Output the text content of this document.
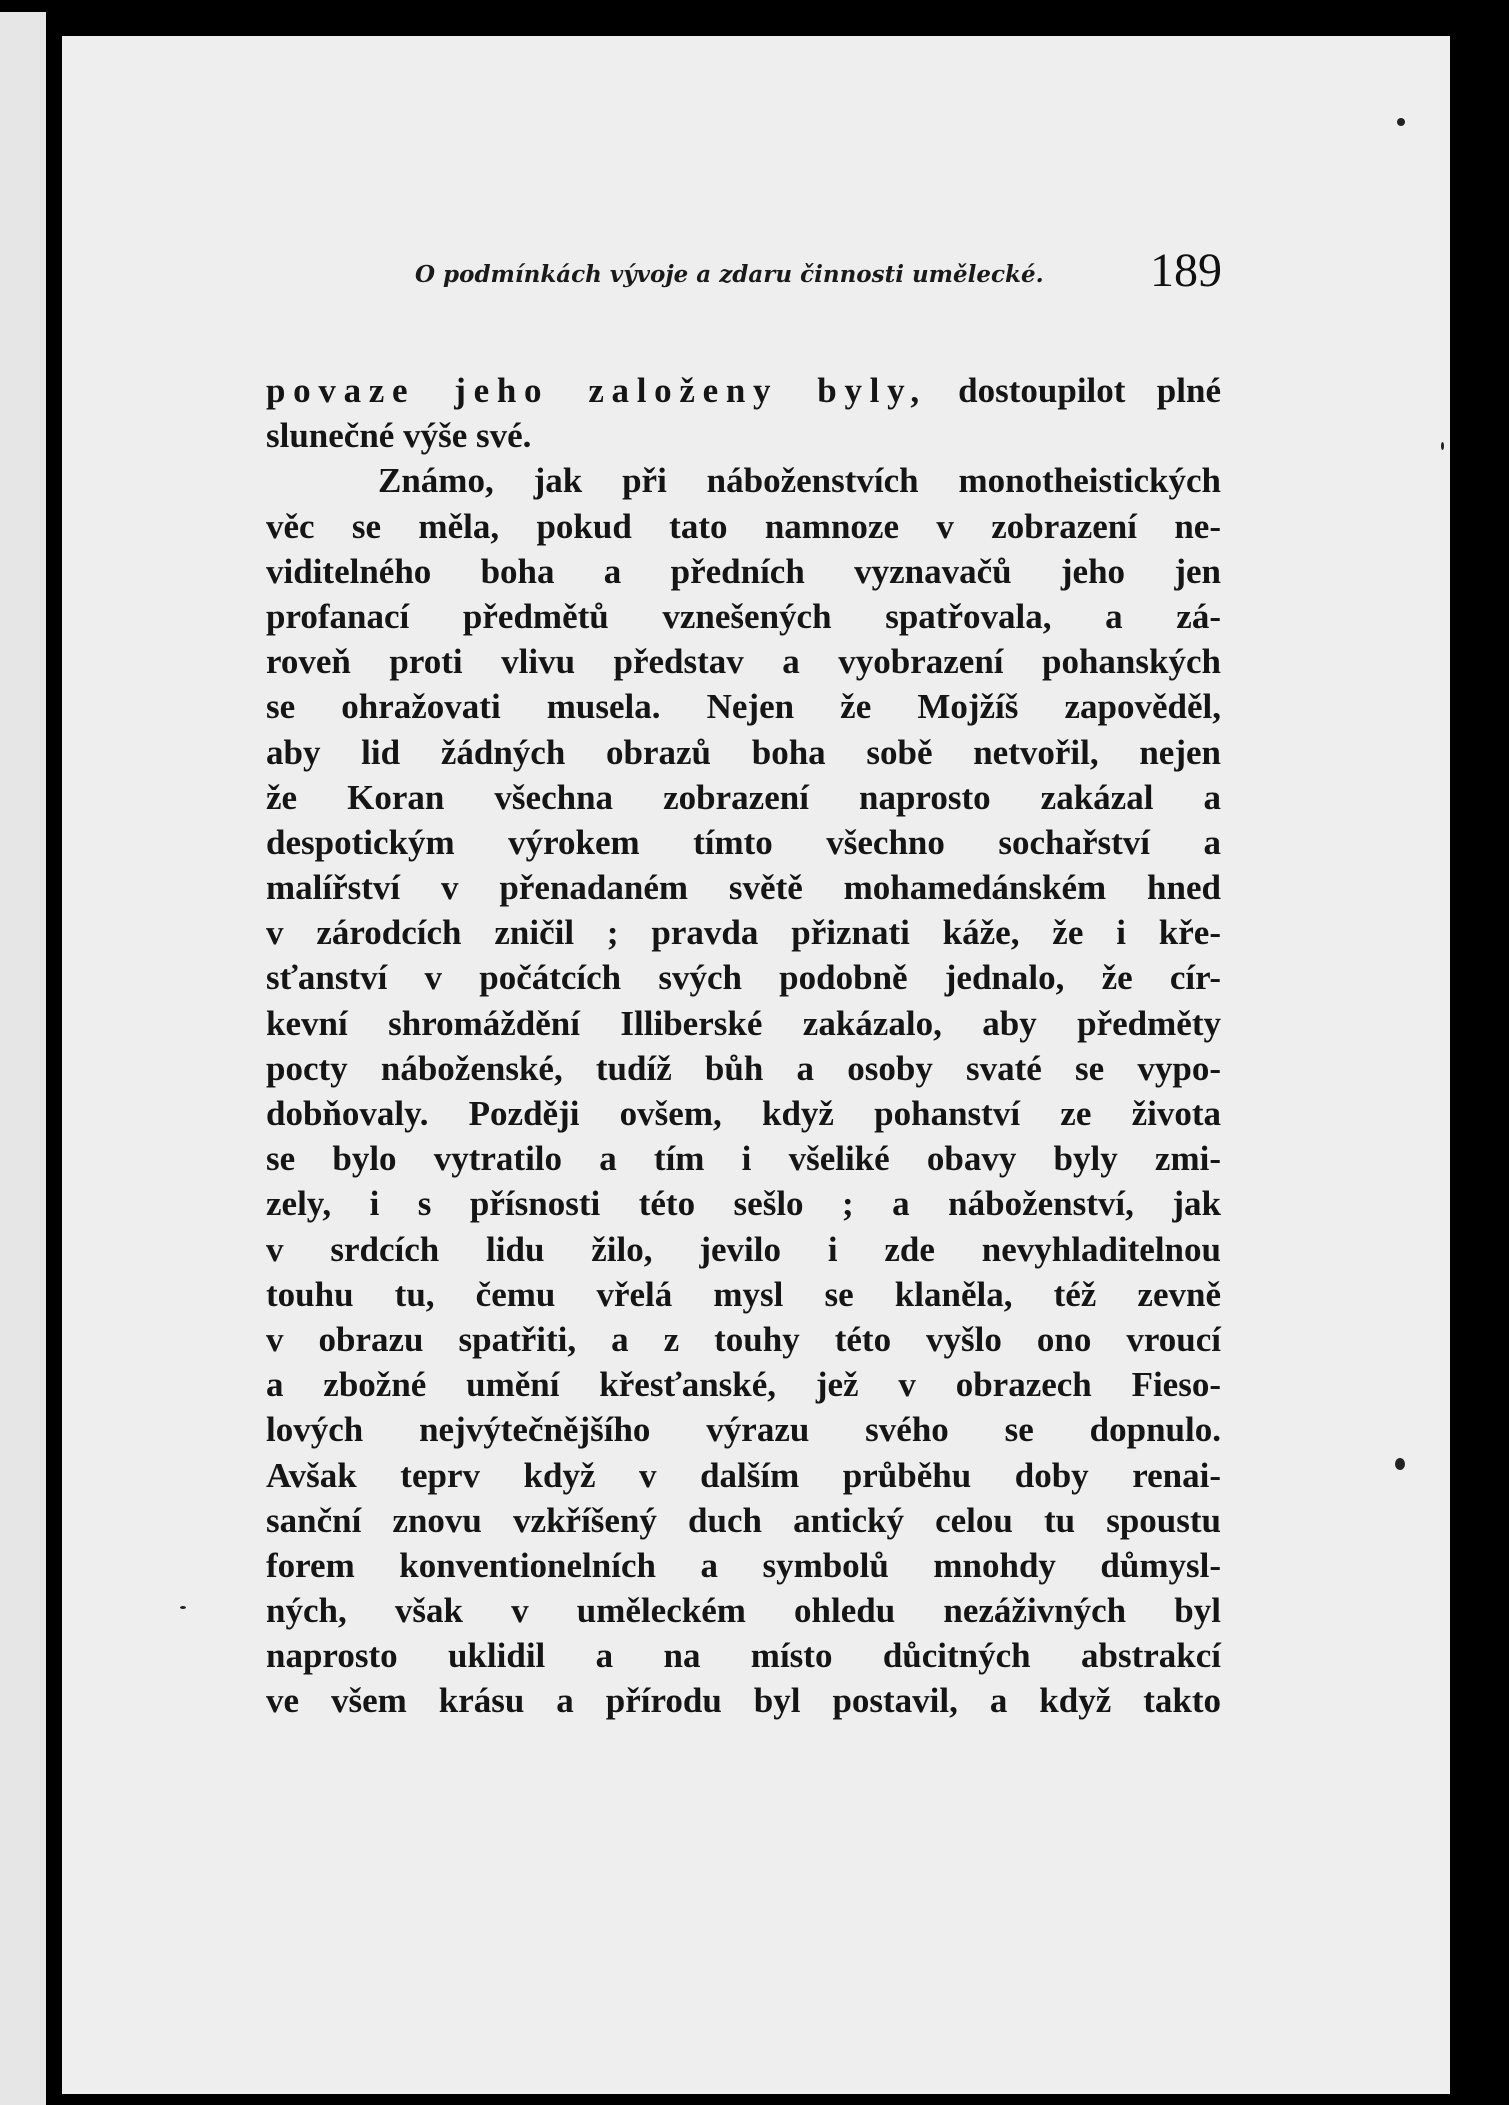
O podmínkách vývoje a zdaru činnosti umělecké. 189
povaze jeho založeny byly, dostoupilot plné
slunečné výše své.
Známo, jak při náboženstvích monotheistických
věc se měla, pokud tato namnoze v zobrazení ne-
viditelného boha a předních vyznavačů jeho jen
profanací předmětů vznešených spatřovala, a zá-
roveň proti vlivu představ a vyobrazení pohanských
se ohražovati musela. Nejen že Mojžíš zapověděl,
aby lid žádných obrazů boha sobě netvořil, nejen
že Koran všechna zobrazení naprosto zakázal a
despotickým výrokem tímto všechno sochařství a
malířství v přenadaném světě mohamedánském hned
v zárodcích zničil ; pravda přiznati káže, že i kře-
sťanství v počátcích svých podobně jednalo, že cír-
kevní shromáždění Illiberské zakázalo, aby předměty
pocty náboženské, tudíž bůh a osoby svaté se vypo-
dobňovaly. Později ovšem, když pohanství ze života
se bylo vytratilo a tím i všeliké obavy byly zmi-
zely, i s přísnosti této sešlo ; a náboženství, jak
v srdcích lidu žilo, jevilo i zde nevyhladitelnou
touhu tu, čemu vřelá mysl se klaněla, též zevně
v obrazu spatřiti, a z touhy této vyšlo ono vroucí
a zbožné umění křesťanské, jež v obrazech Fieso-
lových nejvýtečnějšího výrazu svého se dopnulo.
Avšak teprv když v dalším průběhu doby renai-
sanční znovu vzkříšený duch antický celou tu spoustu
forem konventionelních a symbolů mnohdy důmysl-
ných, však v uměleckém ohledu nezáživných byl
naprosto uklidil a na místo důcitných abstrakcí
ve všem krásu a přírodu byl postavil, a když takto
